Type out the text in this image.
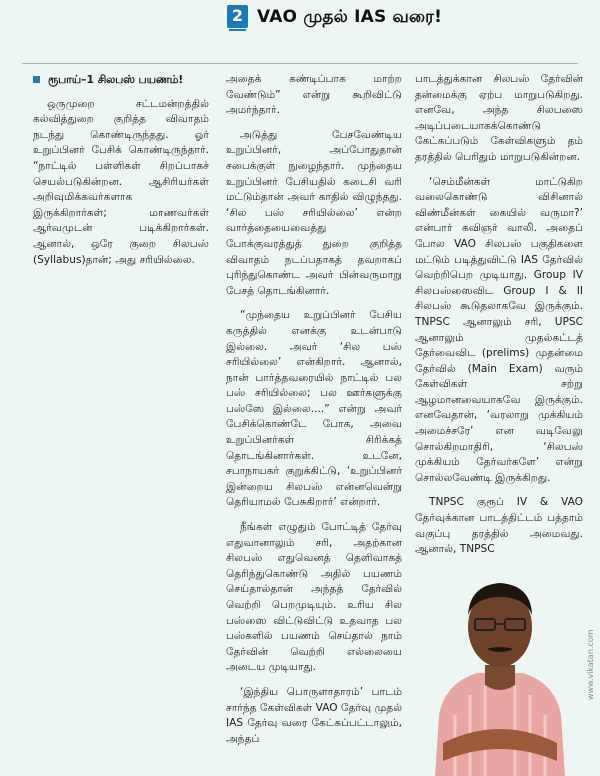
2 VAO முதல் IAS வரை!

ரூபாய்–1 சிலபஸ் பயணம்!

ஒருமுறை சட்டமன்றத்தில் கல்வித்துறை குறித்த விவாதம் நடந்து கொண்டிருந்தது. ஓர் உறுப்பினர் பேசிக் கொண்டிருந்தார். “நாட்டில் பள்ளிகள் சிறப்பாகச் செயல்படுகின்றன. ஆசிரியர்கள் அறிவுமிக்கவர்களாக இருக்கிறார்கள்; மாணவர்கள் ஆர்வமுடன் படிக்கிறார்கள். ஆனால், ஒரே குறை சிலபஸ் (Syllabus)தான்; அது சரியில்லை.

அதைக் கண்டிப்பாக மாற்ற வேண்டும்” என்று கூறிவிட்டு அமர்ந்தார்.

அடுத்து பேசவேண்டிய உறுப்பினர், அப்போதுதான் சபைக்குள் நுழைந்தார். முந்தைய உறுப்பினர் பேசியதில் கடைசி வரி மட்டும்தான் அவர் காதில் விழுந்தது. ‘சில பஸ் சரியில்லை’ என்ற வார்த்தையைவைத்து போக்குவரத்துத் துறை குறித்த விவாதம் நடப்பதாகத் தவறாகப் புரிந்துகொண்ட அவர் பின்வருமாறு பேசத் தொடங்கினார்.

“முந்தைய உறுப்பினர் பேசிய கருத்தில் எனக்கு உடன்பாடு இல்லை. அவர் ‘சில பஸ் சரியில்லை’ என்கிறார். ஆனால், நான் பார்த்தவரையில் நாட்டில் பல பஸ் சரியில்லை; பல ஊர்களுக்கு பஸ்ஸே இல்லை....” என்று அவர் பேசிக்கொண்டே போக, அவை உறுப்பினர்கள் சிரிக்கத் தொடங்கினார்கள். உடனே, சபாநாயகர் குறுக்கிட்டு, ‘உறுப்பினர் இன்றைய சிலபஸ் என்னவென்று தெரியாமல் பேசுகிறார்’ என்றார்.

நீங்கள் எழுதும் போட்டித் தேர்வு எதுவானாலும் சரி, அதற்கான சிலபஸ் எதுவெனத் தெளிவாகத் தெரிந்துகொண்டு அதில் பயணம் செய்தால்தான் அந்தத் தேர்வில் வெற்றி பெறமுடியும். உரிய சில பஸ்ஸை விட்டுவிட்டு உதவாத பல பஸ்களில் பயணம் செய்தால் நாம் தேர்வின் வெற்றி எல்லையை அடைய முடியாது.

‘இந்திய பொருளாதாரம்’ பாடம் சார்ந்த கேள்விகள் VAO தேர்வு முதல் IAS தேர்வு வரை கேட்கப்பட்டாலும், அந்தப்

பாடத்துக்கான சிலபஸ் தேர்வின் தன்மைக்கு ஏற்ப மாறுபடுகிறது. எனவே, அந்த சிலபஸை அடிப்படையாகக்கொண்டு கேட்கப்படும் கேள்விகளும் தம் தரத்தில் பெரிதும் மாறுபடுகின்றன.

‘செம்மீன்கள் மாட்டுகிற வலைகொண்டு விசினால் விண்மீன்கள் கையில் வருமா?’ என்பார் கவிஞர் வாலி. அதைப் போல VAO சிலபஸ் பகுதிகளை மட்டும் படித்துவிட்டு IAS தேர்வில் வெற்றிபெற முடியாது. Group IV சிலபஸ்ஸைவிட Group I & II சிலபஸ் கூடுதலாகவே இருக்கும். TNPSC ஆனாலும் சரி, UPSC ஆனாலும் முதல்கட்டத் தேர்வைவிட (prelims) முதன்மை தேர்வில் (Main Exam) வரும் கேள்விகள் சற்று ஆழமானவையாகவே இருக்கும். எனவேதான், ‘வரலாறு முக்கியம் அமைச்சரே’ என வடிவேலு சொல்கிறமாதிரி, ‘சிலபஸ் முக்கியம் தேர்வர்களே’ என்று சொல்லவேண்டி இருக்கிறது.

TNPSC குரூப் IV & VAO தேர்வுக்கான பாடத்திட்டம் பத்தாம் வகுப்பு தரத்தில் அமைவது. ஆனால், TNPSC

www.vikatan.com
